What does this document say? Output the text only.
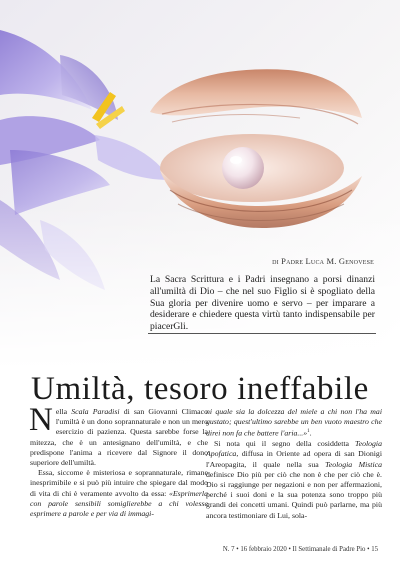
di Padre Luca M. Genovese
La Sacra Scrittura e i Padri insegnano a porsi dinanzi all'umiltà di Dio – che nel suo Figlio si è spogliato della Sua gloria per divenire uomo e servo – per imparare a desiderare e chiedere questa virtù tanto indispensabile per piacerGli.
Umiltà, tesoro ineffabile

Nella Scala Paradisi di san Giovanni Climaco l'umiltà è un dono soprannaturale e non un mero esercizio di pazienza. Questa sarebbe forse la mitezza, che è un antesignano dell'umiltà, e che predispone l'anima a ricevere dal Signore il dono superiore dell'umiltà.

Essa, siccome è misteriosa e soprannaturale, rimane inesprimibile e si può più intuire che spiegare dal modo di vita di chi è veramente avvolto da essa: «Esprimerla con parole sensibili somiglierebbe a chi volesse esprimere a parole e per via di immagi-

ni quale sia la dolcezza del miele a chi non l'ha mai gustato; quest'ultimo sarebbe un ben vuoto maestro che direi non fa che battere l'aria...»$^1$.

Si nota qui il segno della cosiddetta Teologia Apofatica, diffusa in Oriente ad opera di san Dionigi l'Areopagita, il quale nella sua Teologia Mistica definisce Dio più per ciò che non è che per ciò che è. Dio si raggiunge per negazioni e non per affermazioni, perché i suoi doni e la sua potenza sono troppo più grandi dei concetti umani. Quindi può parlarne, ma più ancora testimoniare di Lui, sola-

N. 7 • 16 febbraio 2020 • Il Settimanale di Padre Pio • 15
